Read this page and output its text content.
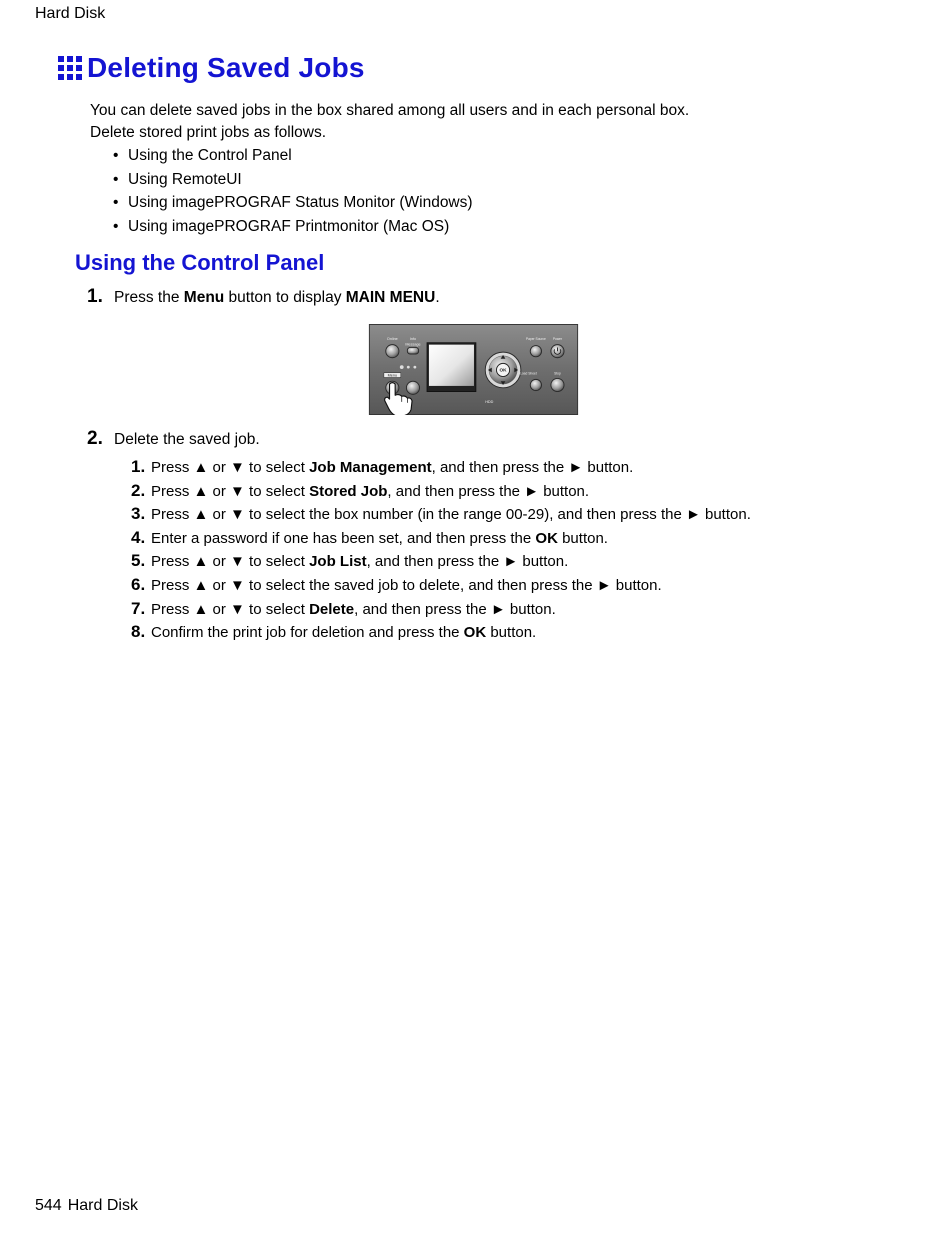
Hard Disk
Deleting Saved Jobs

You can delete saved jobs in the box shared among all users and in each personal box.

Delete stored print jobs as follows.

• Using the Control Panel
• Using RemoteUI
• Using imagePROGRAF Status Monitor (Windows)
• Using imagePROGRAF Printmonitor (Mac OS)
Using the Control Panel
1. Press the Menu button to display MAIN MENU.
Online	Info
Message
Menu
HDD
OK
Paper Source Power
Load Sheet	Stop
2. Delete the saved job.
1. Press ▲ or ▼ to select Job Management, and then press the ► button.
2. Press ▲ or ▼ to select Stored Job, and then press the ► button.
3. Press ▲ or ▼ to select the box number (in the range 00-29), and then press the ► button.
4. Enter a password if one has been set, and then press the OK button.
5. Press ▲ or ▼ to select Job List, and then press the ► button.
6. Press ▲ or ▼ to select the saved job to delete, and then press the ► button.
7. Press ▲ or ▼ to select Delete, and then press the ► button.
8. Confirm the print job for deletion and press the OK button.
544 Hard Disk
